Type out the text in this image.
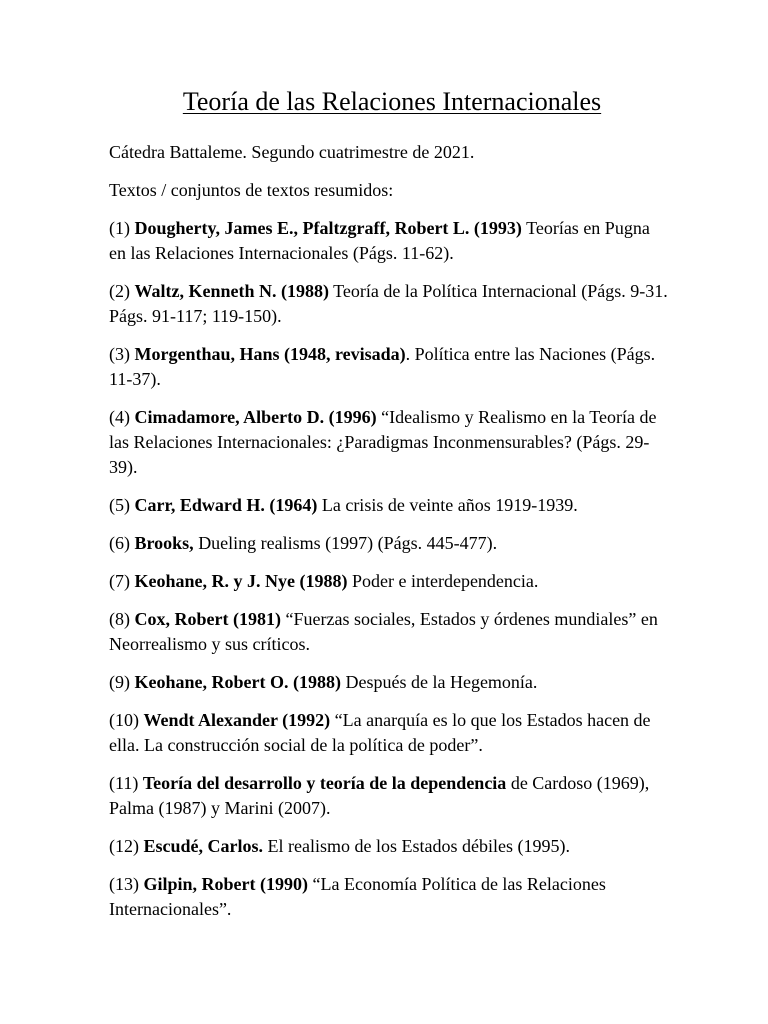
Teoría de las Relaciones Internacionales

Cátedra Battaleme. Segundo cuatrimestre de 2021.

Textos / conjuntos de textos resumidos:

(1) Dougherty, James E., Pfaltzgraff, Robert L. (1993) Teorías en Pugna en las Relaciones Internacionales (Págs. 11-62).

(2) Waltz, Kenneth N. (1988) Teoría de la Política Internacional (Págs. 9-31. Págs. 91-117; 119-150).

(3) Morgenthau, Hans (1948, revisada). Política entre las Naciones (Págs. 11-37).

(4) Cimadamore, Alberto D. (1996) “Idealismo y Realismo en la Teoría de las Relaciones Internacionales: ¿Paradigmas Inconmensurables? (Págs. 29-39).

(5) Carr, Edward H. (1964) La crisis de veinte años 1919-1939.

(6) Brooks, Dueling realisms (1997) (Págs. 445-477).

(7) Keohane, R. y J. Nye (1988) Poder e interdependencia.

(8) Cox, Robert (1981) “Fuerzas sociales, Estados y órdenes mundiales” en Neorrealismo y sus críticos.

(9) Keohane, Robert O. (1988) Después de la Hegemonía.

(10) Wendt Alexander (1992) “La anarquía es lo que los Estados hacen de ella. La construcción social de la política de poder”.

(11) Teoría del desarrollo y teoría de la dependencia de Cardoso (1969), Palma (1987) y Marini (2007).

(12) Escudé, Carlos. El realismo de los Estados débiles (1995).

(13) Gilpin, Robert (1990) “La Economía Política de las Relaciones Internacionales”.
